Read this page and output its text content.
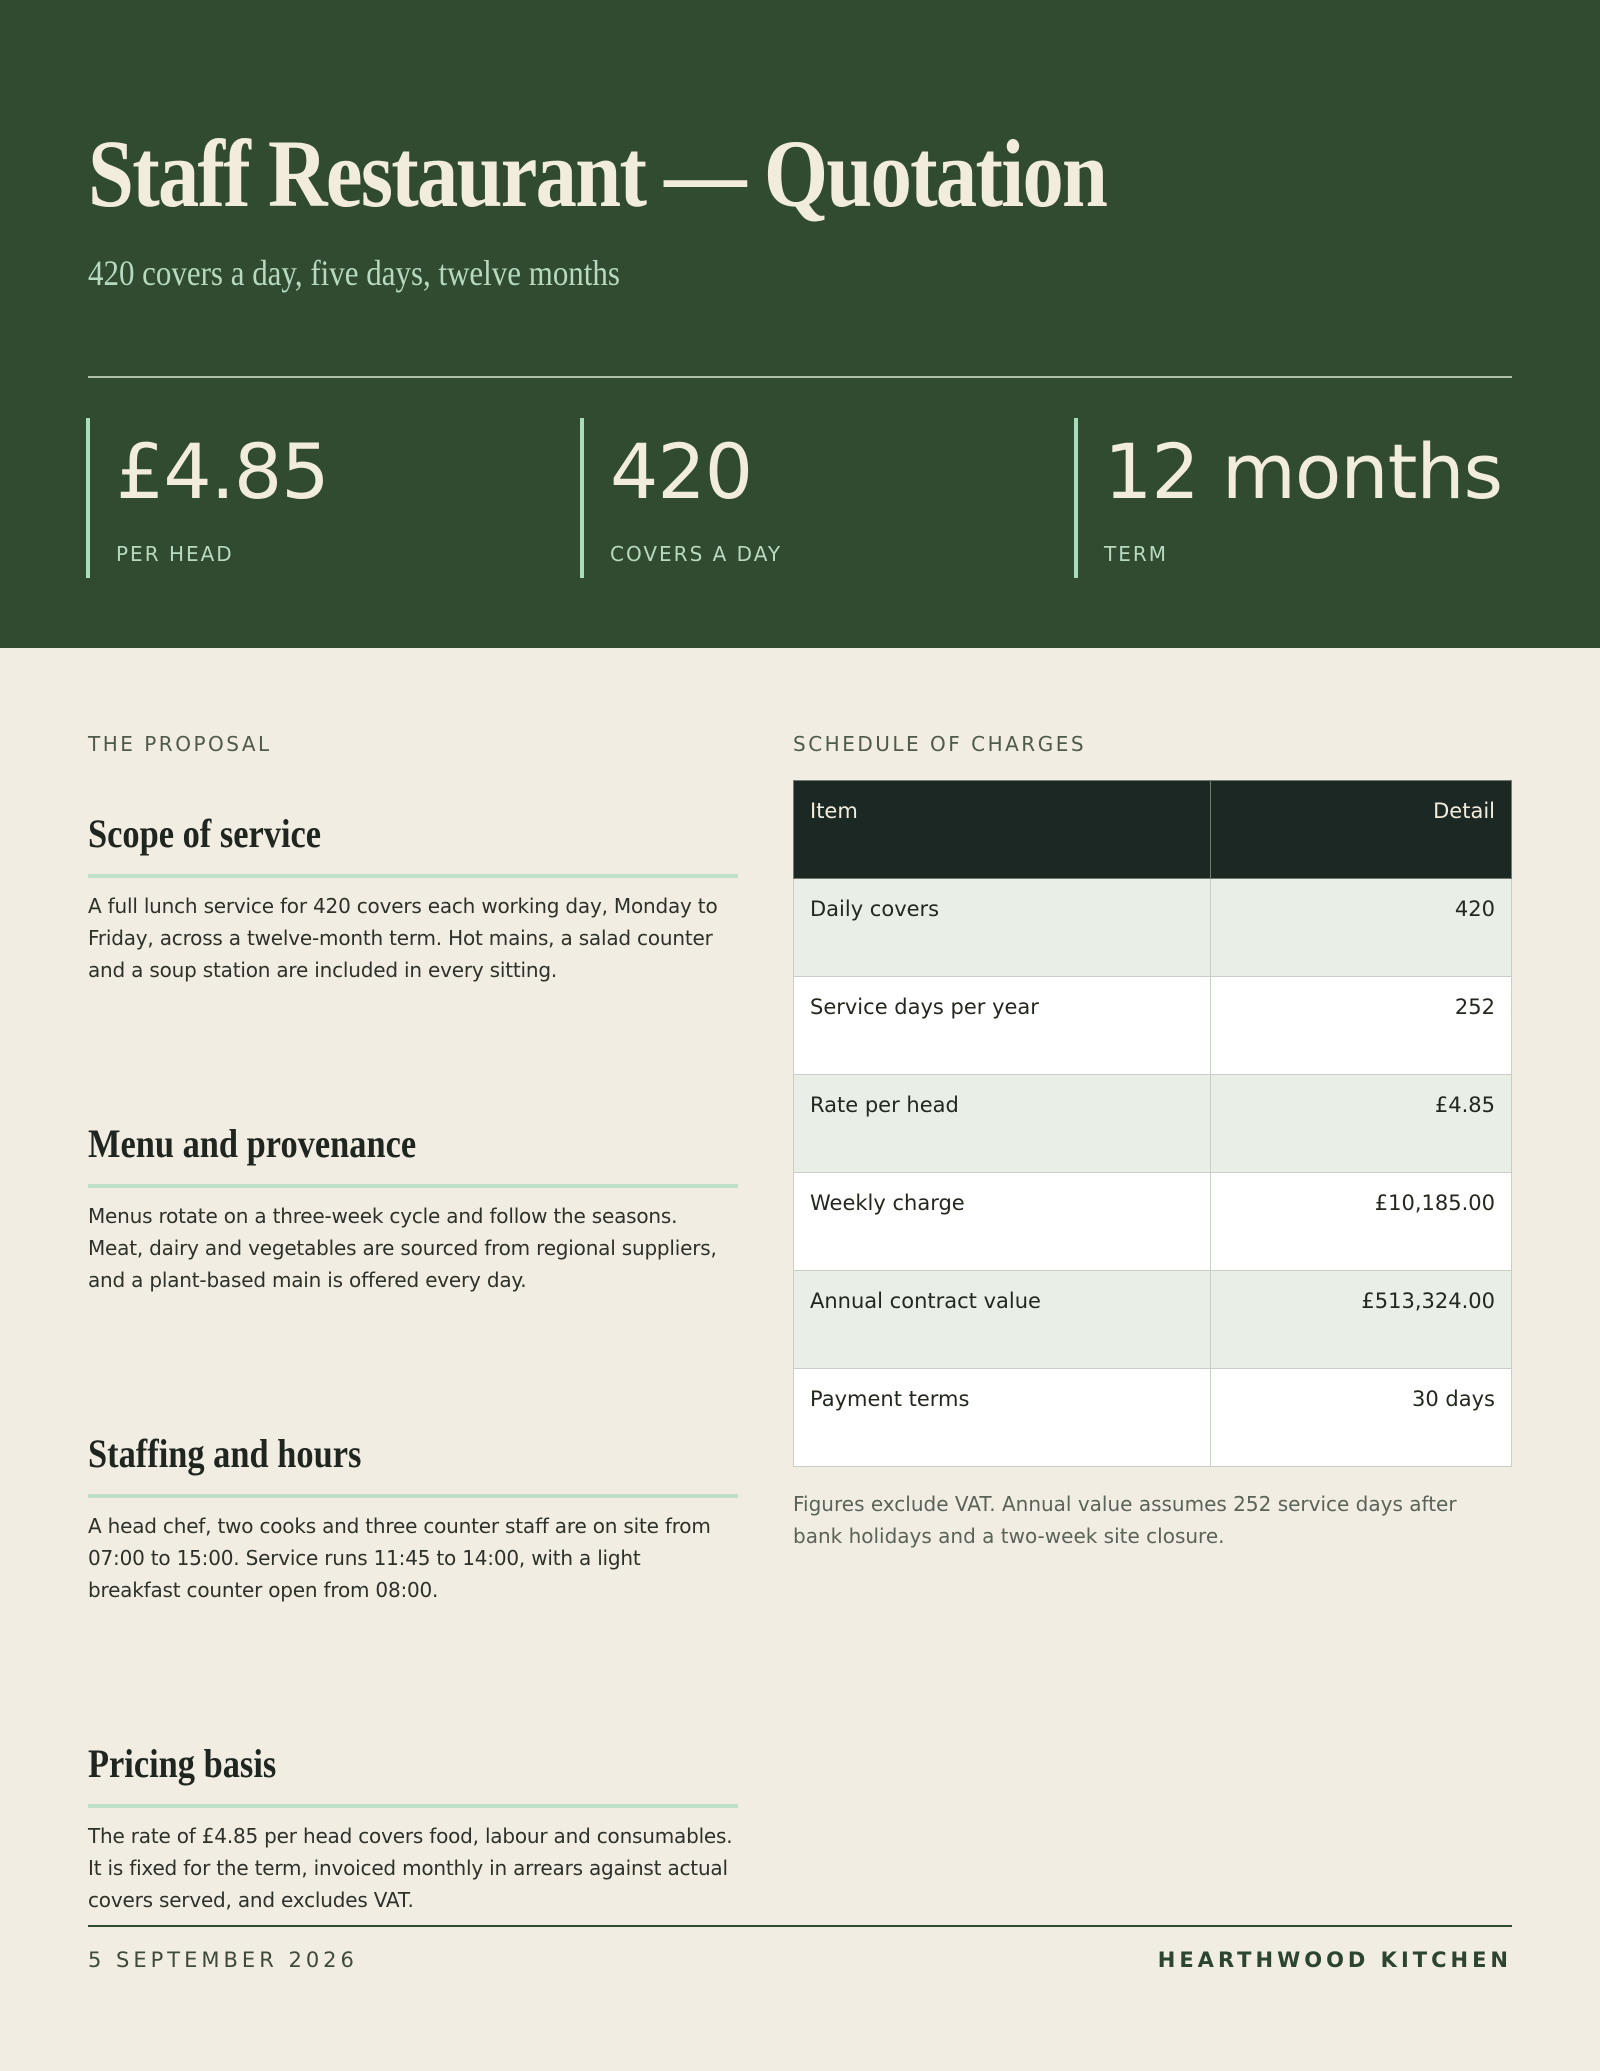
Staff Restaurant — Quotation
420 covers a day, five days, twelve months
£4.85
PER HEAD
420
COVERS A DAY
12 months
TERM
THE PROPOSAL
Scope of service

A full lunch service for 420 covers each working day, Monday to Friday, across a twelve-month term. Hot mains, a salad counter and a soup station are included in every sitting.

Menu and provenance

Menus rotate on a three-week cycle and follow the seasons. Meat, dairy and vegetables are sourced from regional suppliers, and a plant-based main is offered every day.

Staffing and hours

A head chef, two cooks and three counter staff are on site from 07:00 to 15:00. Service runs 11:45 to 14:00, with a light breakfast counter open from 08:00.

Pricing basis

The rate of £4.85 per head covers food, labour and consumables. It is fixed for the term, invoiced monthly in arrears against actual covers served, and excludes VAT.

SCHEDULE OF CHARGES
Item	Detail
Daily covers	420
Service days per year	252
Rate per head	£4.85
Weekly charge	£10,185.00
Annual contract value	£513,324.00
Payment terms	30 days

Figures exclude VAT. Annual value assumes 252 service days after bank holidays and a two-week site closure.

5 SEPTEMBER 2026	HEARTHWOOD KITCHEN
